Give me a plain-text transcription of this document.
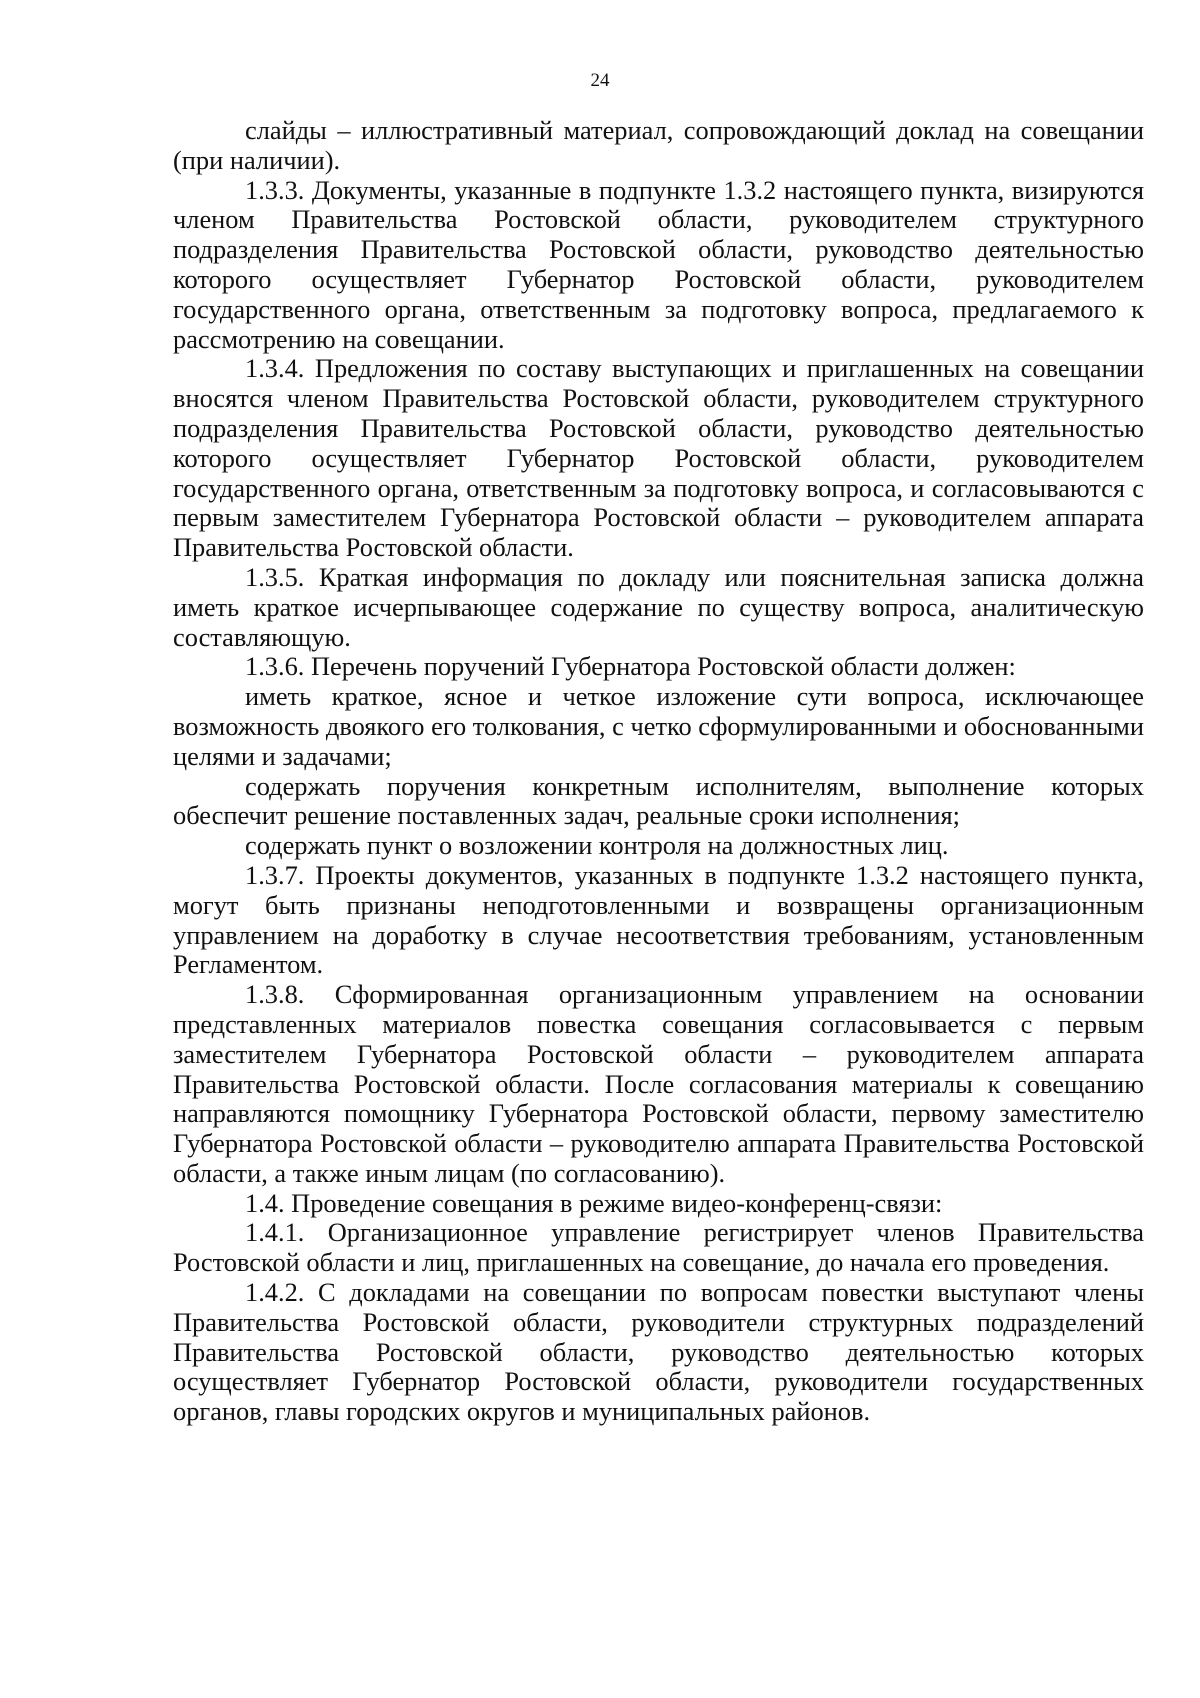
24

слайды – иллюстративный материал, сопровождающий доклад на совещании (при наличии).

1.3.3. Документы, указанные в подпункте 1.3.2 настоящего пункта, визируются членом Правительства Ростовской области, руководителем структурного подразделения Правительства Ростовской области, руководство деятельностью которого осуществляет Губернатор Ростовской области, руководителем государственного органа, ответственным за подготовку вопроса, предлагаемого к рассмотрению на совещании.

1.3.4. Предложения по составу выступающих и приглашенных на совещании вносятся членом Правительства Ростовской области, руководителем структурного подразделения Правительства Ростовской области, руководство деятельностью которого осуществляет Губернатор Ростовской области, руководителем государственного органа, ответственным за подготовку вопроса, и согласовываются с первым заместителем Губернатора Ростовской области – руководителем аппарата Правительства Ростовской области.

1.3.5. Краткая информация по докладу или пояснительная записка должна иметь краткое исчерпывающее содержание по существу вопроса, аналитическую составляющую.

1.3.6. Перечень поручений Губернатора Ростовской области должен:

иметь краткое, ясное и четкое изложение сути вопроса, исключающее возможность двоякого его толкования, с четко сформулированными и обоснованными целями и задачами;

содержать поручения конкретным исполнителям, выполнение которых обеспечит решение поставленных задач, реальные сроки исполнения;

содержать пункт о возложении контроля на должностных лиц.

1.3.7. Проекты документов, указанных в подпункте 1.3.2 настоящего пункта, могут быть признаны неподготовленными и возвращены организационным управлением на доработку в случае несоответствия требованиям, установленным Регламентом.

1.3.8. Сформированная организационным управлением на основании представленных материалов повестка совещания согласовывается с первым заместителем Губернатора Ростовской области – руководителем аппарата Правительства Ростовской области. После согласования материалы к совещанию направляются помощнику Губернатора Ростовской области, первому заместителю Губернатора Ростовской области – руководителю аппарата Правительства Ростовской области, а также иным лицам (по согласованию).

1.4. Проведение совещания в режиме видео-конференц-связи:

1.4.1. Организационное управление регистрирует членов Правительства Ростовской области и лиц, приглашенных на совещание, до начала его проведения.

1.4.2. С докладами на совещании по вопросам повестки выступают члены Правительства Ростовской области, руководители структурных подразделений Правительства Ростовской области, руководство деятельностью которых осуществляет Губернатор Ростовской области, руководители государственных органов, главы городских округов и муниципальных районов.
